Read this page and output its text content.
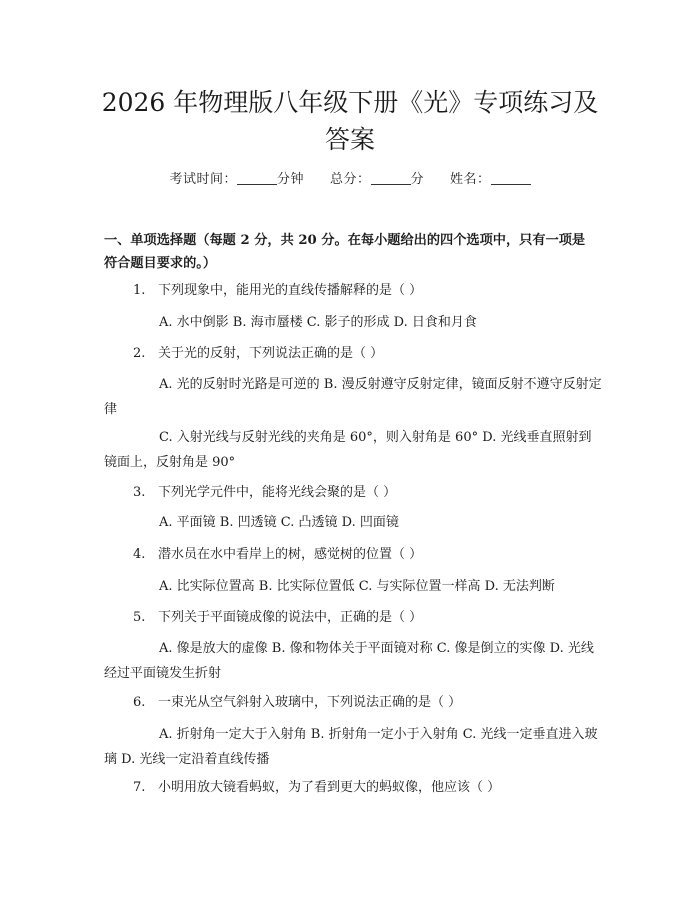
2026 年物理版八年级下册《光》专项练习及
答案
考试时间：	分钟 总分：	分 姓名：
一、单项选择题（每题 2 分，共 20 分。在每小题给出的四个选项中，只有一项是
符合题目要求的。）

1. 下列现象中，能用光的直线传播解释的是（ ）

A. 水中倒影 B. 海市蜃楼 C. 影子的形成 D. 日食和月食

2. 关于光的反射，下列说法正确的是（ ）

A. 光的反射时光路是可逆的 B. 漫反射遵守反射定律，镜面反射不遵守反射定律

C. 入射光线与反射光线的夹角是 60°，则入射角是 60° D. 光线垂直照射到镜面上，反射角是 90°

3. 下列光学元件中，能将光线会聚的是（ ）

A. 平面镜 B. 凹透镜 C. 凸透镜 D. 凹面镜

4. 潜水员在水中看岸上的树，感觉树的位置（ ）

A. 比实际位置高 B. 比实际位置低 C. 与实际位置一样高 D. 无法判断

5. 下列关于平面镜成像的说法中，正确的是（ ）

A. 像是放大的虚像 B. 像和物体关于平面镜对称 C. 像是倒立的实像 D. 光线经过平面镜发生折射

6. 一束光从空气斜射入玻璃中，下列说法正确的是（ ）

A. 折射角一定大于入射角 B. 折射角一定小于入射角 C. 光线一定垂直进入玻璃 D. 光线一定沿着直线传播

7. 小明用放大镜看蚂蚁，为了看到更大的蚂蚁像，他应该（ ）
